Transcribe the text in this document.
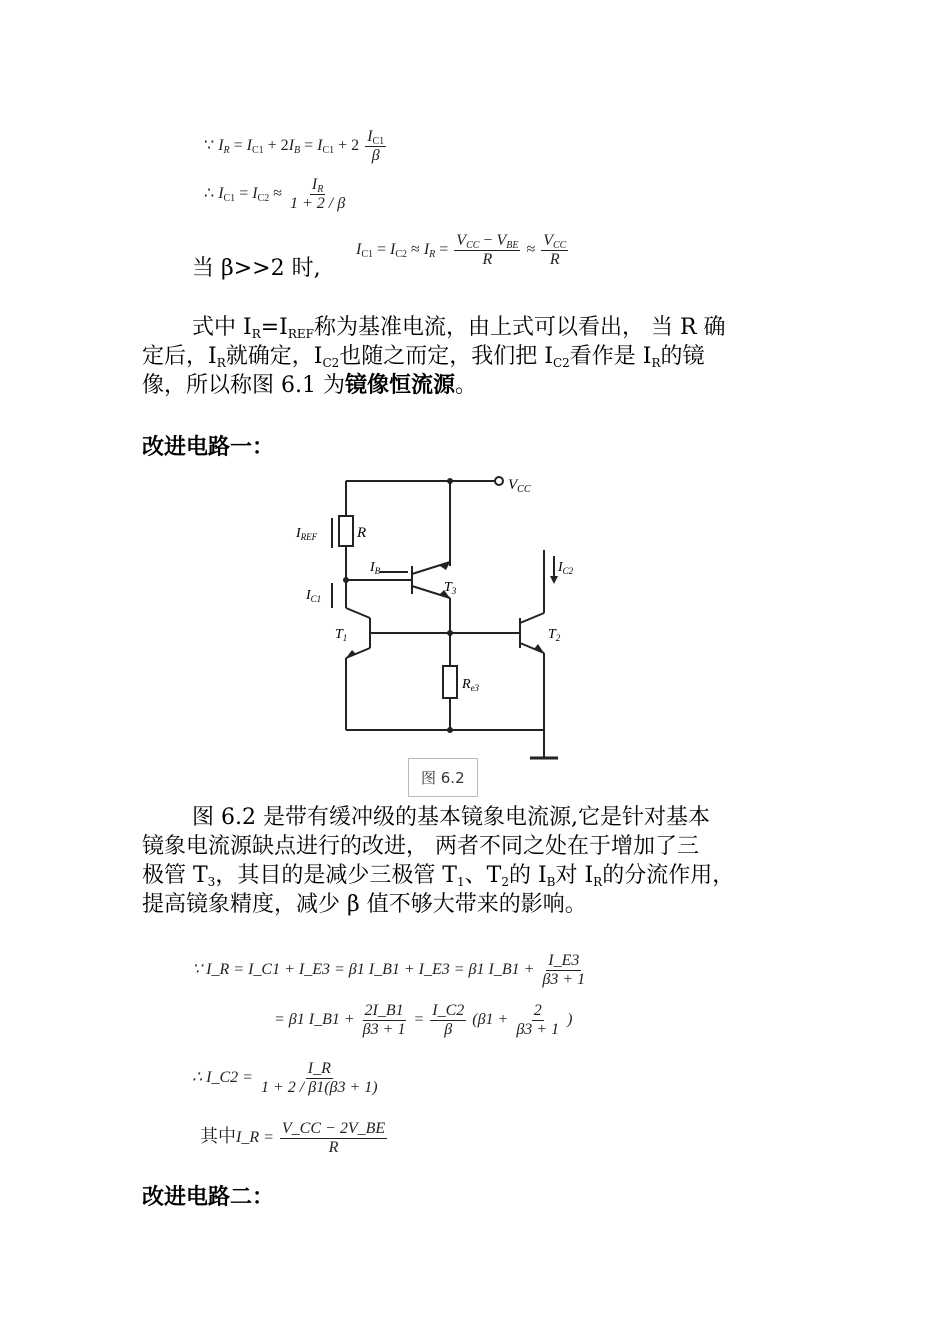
∵ $I_R = I_{C1} + 2I_B = I_{C1} + 2 \frac{I_{C1}}{\beta}$
∴ $I_{C1} = I_{C2} \approx \frac{I_R}{1 + 2 / \beta}$
当 β>>2 时,
$I_{C1} = I_{C2} \approx I_R = \frac{V_{CC} - V_{BE}}{R} \approx \frac{V_{CC}}{R}$
式中 $I_R=I_{REF}$称为基准电流，由上式可以看出， 当 R 确
定后，$I_R$就确定，$I_{C2}$也随之而定，我们把 $I_{C2}$看作是 $I_R$的镜
像，所以称图 6.1 为镜像恒流源。
改进电路一：
$V_{CC}$
$I_{REF}$	R
$I_B$
$T_3$
$I_{C1}$
$I_{C2}$
$T_1$	$T_2$
$R_{e3}$
图 6.2
图 6.2 是带有缓冲级的基本镜象电流源,它是针对基本
镜象电流源缺点进行的改进， 两者不同之处在于增加了三
极管 $T_3$，其目的是减少三极管 $T_1$、$T_2$的 $I_B$对 $I_R$的分流作用，
提高镜象精度，减少 β 值不够大带来的影响。
∵ I_R = I_C1 + I_E3 = β1 I_B1 + I_E3 = β1 I_B1 + $\frac{I\_E3}{\beta 3 + 1}$
= β1 I_B1 + $\frac{2I\_B1}{\beta 3 + 1} = \frac{I\_C2}{\beta} (\beta 1 + \frac{2}{\beta 3 + 1}$ )
∴ I_C2 = $\frac{I\_R}{1 + 2 / \beta 1(\beta 3 + 1)}$
其中I_R = $\frac{V\_CC - 2V\_BE}{R}$
改进电路二：
